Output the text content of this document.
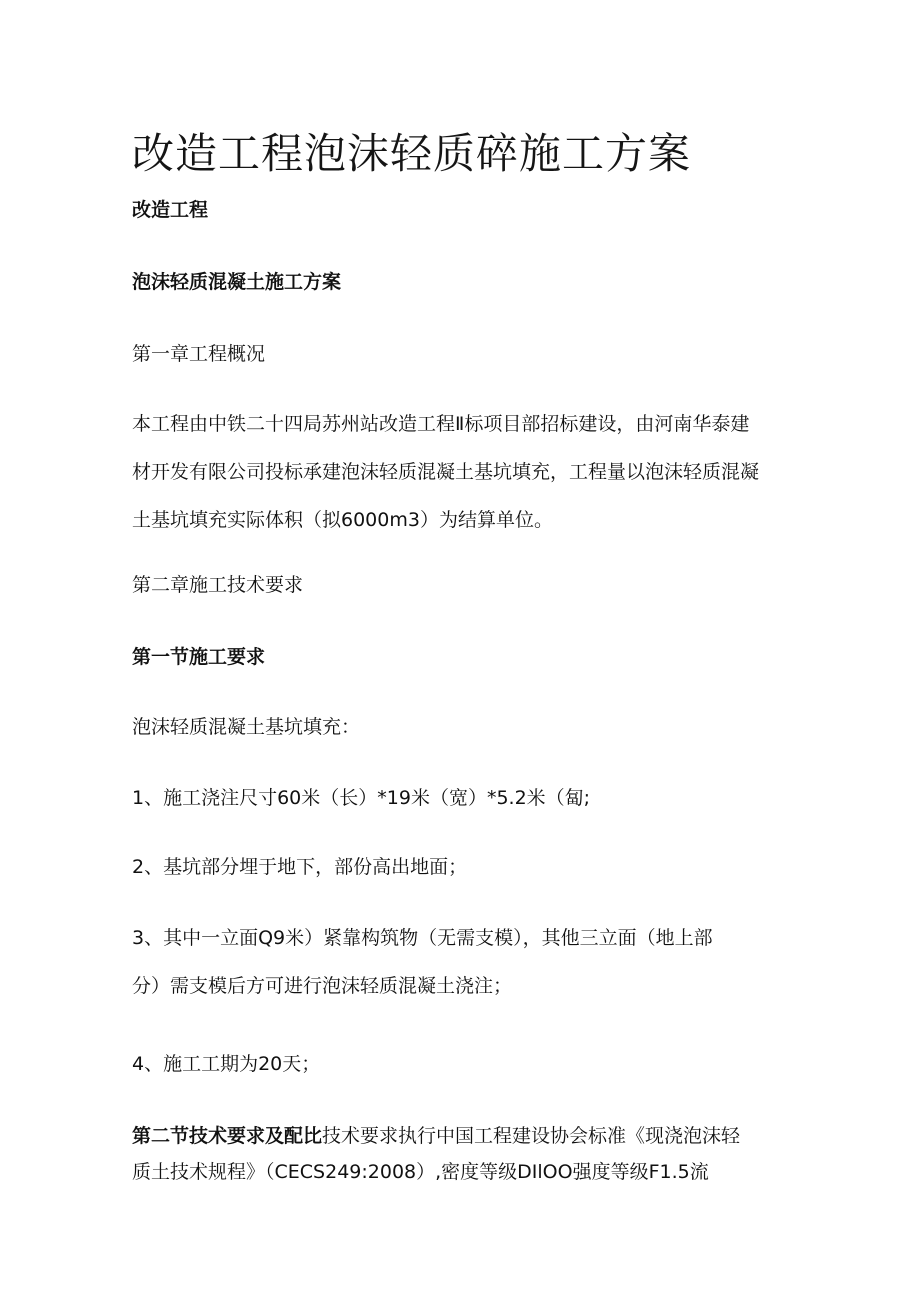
改造工程泡沫轻质碎施工方案

改造工程

泡沫轻质混凝土施工方案

第一章工程概况

本工程由中铁二十四局苏州站改造工程Ⅱ标项目部招标建设，由河南华泰建
材开发有限公司投标承建泡沫轻质混凝土基坑填充，工程量以泡沫轻质混凝
土基坑填充实际体积（拟6000m3）为结算单位。

第二章施工技术要求

第一节施工要求

泡沫轻质混凝土基坑填充：

1、施工浇注尺寸60米（长）*19米（宽）*5.2米（匐;

2、基坑部分埋于地下，部份高出地面；

3、其中一立面Q9米）紧靠构筑物（无需支模），其他三立面（地上部
分）需支模后方可进行泡沫轻质混凝土浇注；

4、施工工期为20天；

第二节技术要求及配比技术要求执行中国工程建设协会标准《现浇泡沫轻
质土技术规程》（CECS249:2008）,密度等级DIlOO强度等级F1.5流
